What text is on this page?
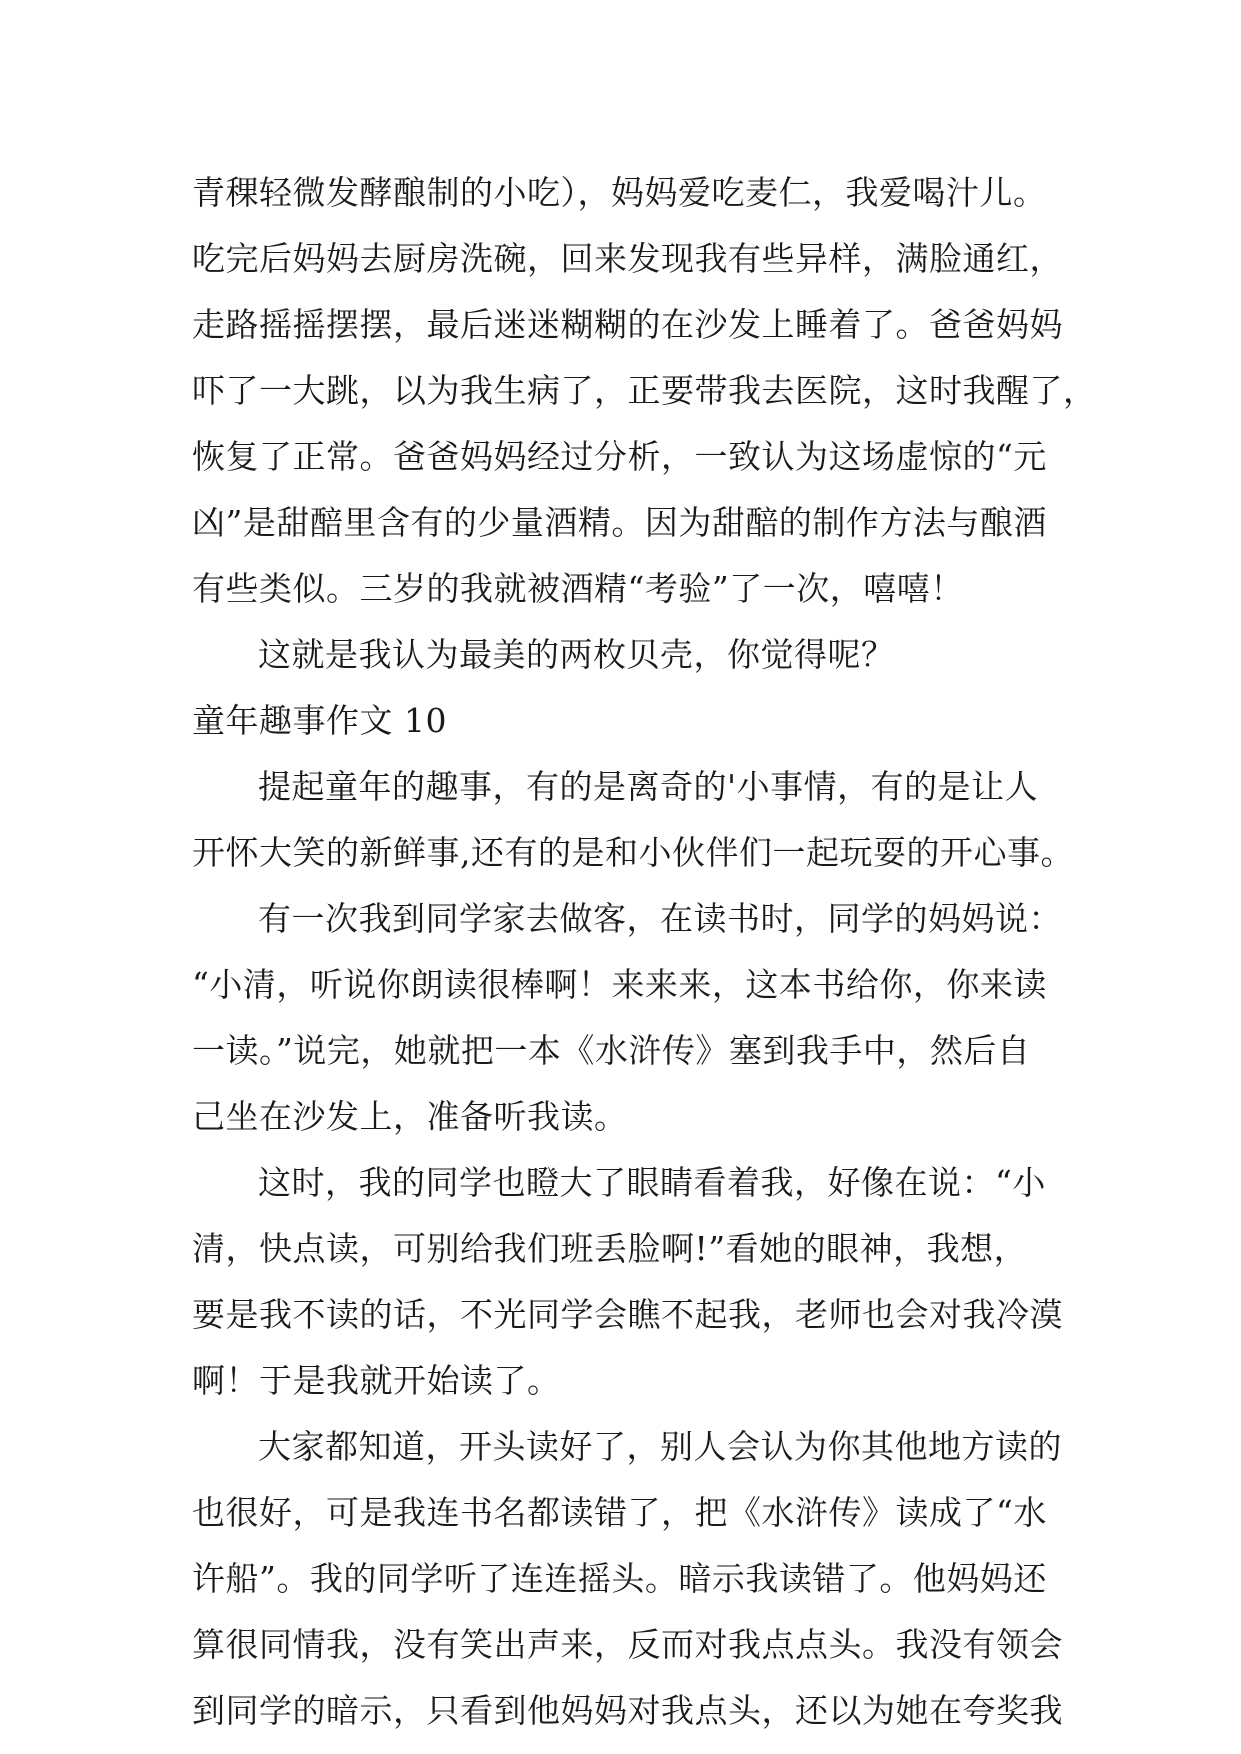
青稞轻微发酵酿制的小吃），妈妈爱吃麦仁，我爱喝汁儿。
吃完后妈妈去厨房洗碗，回来发现我有些异样，满脸通红，
走路摇摇摆摆，最后迷迷糊糊的在沙发上睡着了。爸爸妈妈
吓了一大跳，以为我生病了，正要带我去医院，这时我醒了，
恢复了正常。爸爸妈妈经过分析，一致认为这场虚惊的“元
凶”是甜醅里含有的少量酒精。因为甜醅的制作方法与酿酒
有些类似。三岁的我就被酒精“考验”了一次，嘻嘻！
这就是我认为最美的两枚贝壳，你觉得呢？
童年趣事作文 10
提起童年的趣事，有的是离奇的'小事情，有的是让人
开怀大笑的新鲜事,还有的是和小伙伴们一起玩耍的开心事。
有一次我到同学家去做客，在读书时，同学的妈妈说：
“小清，听说你朗读很棒啊！来来来，这本书给你，你来读
一读。”说完，她就把一本《水浒传》塞到我手中，然后自
己坐在沙发上，准备听我读。
这时，我的同学也瞪大了眼睛看着我，好像在说：“小
清，快点读，可别给我们班丢脸啊!”看她的眼神，我想，
要是我不读的话，不光同学会瞧不起我，老师也会对我冷漠
啊！于是我就开始读了。
大家都知道，开头读好了，别人会认为你其他地方读的
也很好，可是我连书名都读错了，把《水浒传》读成了“水
许船”。我的同学听了连连摇头。暗示我读错了。他妈妈还
算很同情我，没有笑出声来，反而对我点点头。我没有领会
到同学的暗示，只看到他妈妈对我点头，还以为她在夸奖我
